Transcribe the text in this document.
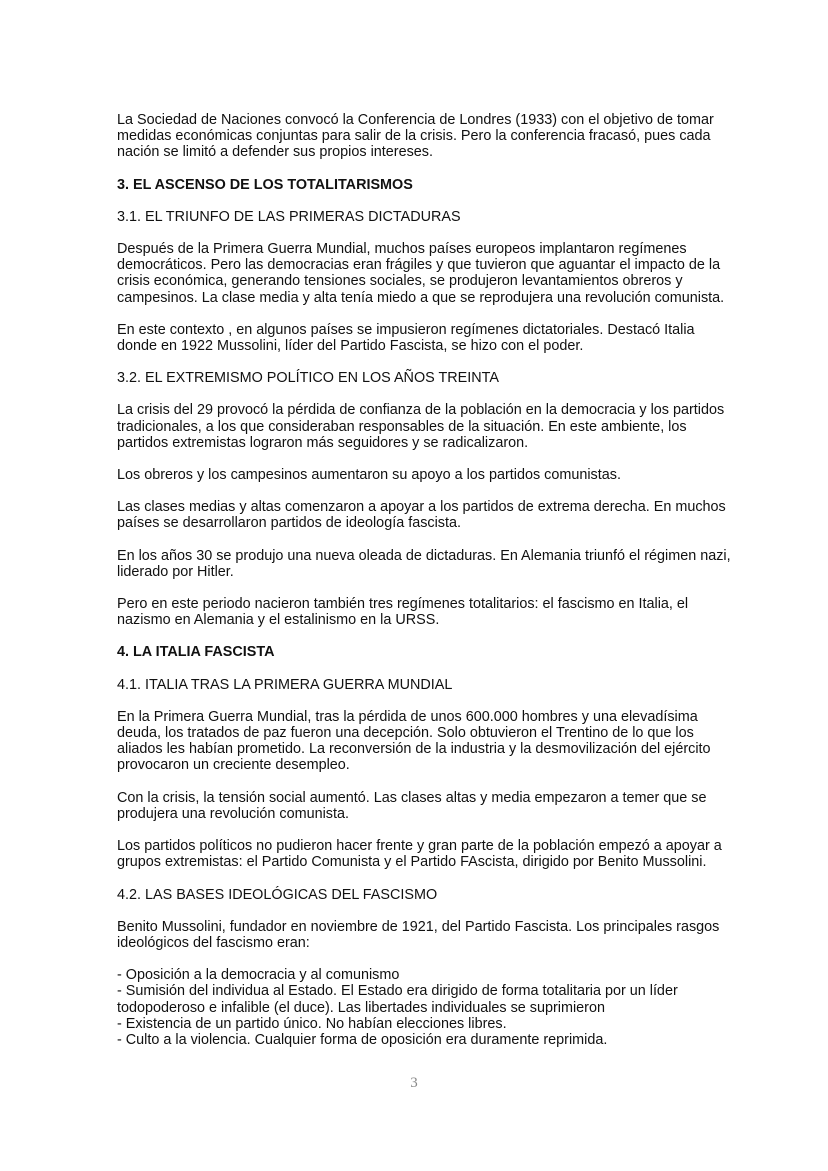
La Sociedad de Naciones convocó la Conferencia de Londres (1933) con el objetivo de tomar medidas económicas conjuntas para salir de la crisis. Pero la conferencia fracasó, pues cada nación se limitó a defender sus propios intereses.

3. EL ASCENSO DE LOS TOTALITARISMOS
3.1. EL TRIUNFO DE LAS PRIMERAS DICTADURAS

Después de la Primera Guerra Mundial, muchos países europeos implantaron regímenes democráticos. Pero las democracias eran frágiles y que tuvieron que aguantar el impacto de la crisis económica, generando tensiones sociales, se produjeron levantamientos obreros y campesinos. La clase media y alta tenía miedo a que se reprodujera una revolución comunista.

En este contexto , en algunos países se impusieron regímenes dictatoriales. Destacó Italia donde en 1922 Mussolini, líder del Partido Fascista, se hizo con el poder.

3.2. EL EXTREMISMO POLÍTICO EN LOS AÑOS TREINTA

La crisis del 29 provocó la pérdida de confianza de la población en la democracia y los partidos tradicionales, a los que consideraban responsables de la situación. En este ambiente, los partidos extremistas lograron más seguidores y se radicalizaron.

Los obreros y los campesinos aumentaron su apoyo a los partidos comunistas.

Las clases medias y altas comenzaron a apoyar a los partidos de extrema derecha. En muchos países se desarrollaron partidos de ideología fascista.

En los años 30 se produjo una nueva oleada de dictaduras. En Alemania triunfó el régimen nazi, liderado por Hitler.

Pero en este periodo nacieron también tres regímenes totalitarios: el fascismo en Italia, el nazismo en Alemania y el estalinismo en la URSS.

4. LA ITALIA FASCISTA
4.1. ITALIA TRAS LA PRIMERA GUERRA MUNDIAL

En la Primera Guerra Mundial, tras la pérdida de unos 600.000 hombres y una elevadísima deuda, los tratados de paz fueron una decepción. Solo obtuvieron el Trentino de lo que los aliados les habían prometido. La reconversión de la industria y la desmovilización del ejército provocaron un creciente desempleo.

Con la crisis, la tensión social aumentó. Las clases altas y media empezaron a temer que se produjera una revolución comunista.

Los partidos políticos no pudieron hacer frente y gran parte de la población empezó a apoyar a grupos extremistas: el Partido Comunista y el Partido FAscista, dirigido por Benito Mussolini.

4.2. LAS BASES IDEOLÓGICAS DEL FASCISMO

Benito Mussolini, fundador en noviembre de 1921, del Partido Fascista. Los principales rasgos ideológicos del fascismo eran:

- Oposición a la democracia y al comunismo

- Sumisión del individua al Estado. El Estado era dirigido de forma totalitaria por un líder todopoderoso e infalible (el duce). Las libertades individuales se suprimieron

- Existencia de un partido único. No habían elecciones libres.

- Culto a la violencia. Cualquier forma de oposición era duramente reprimida.

3
